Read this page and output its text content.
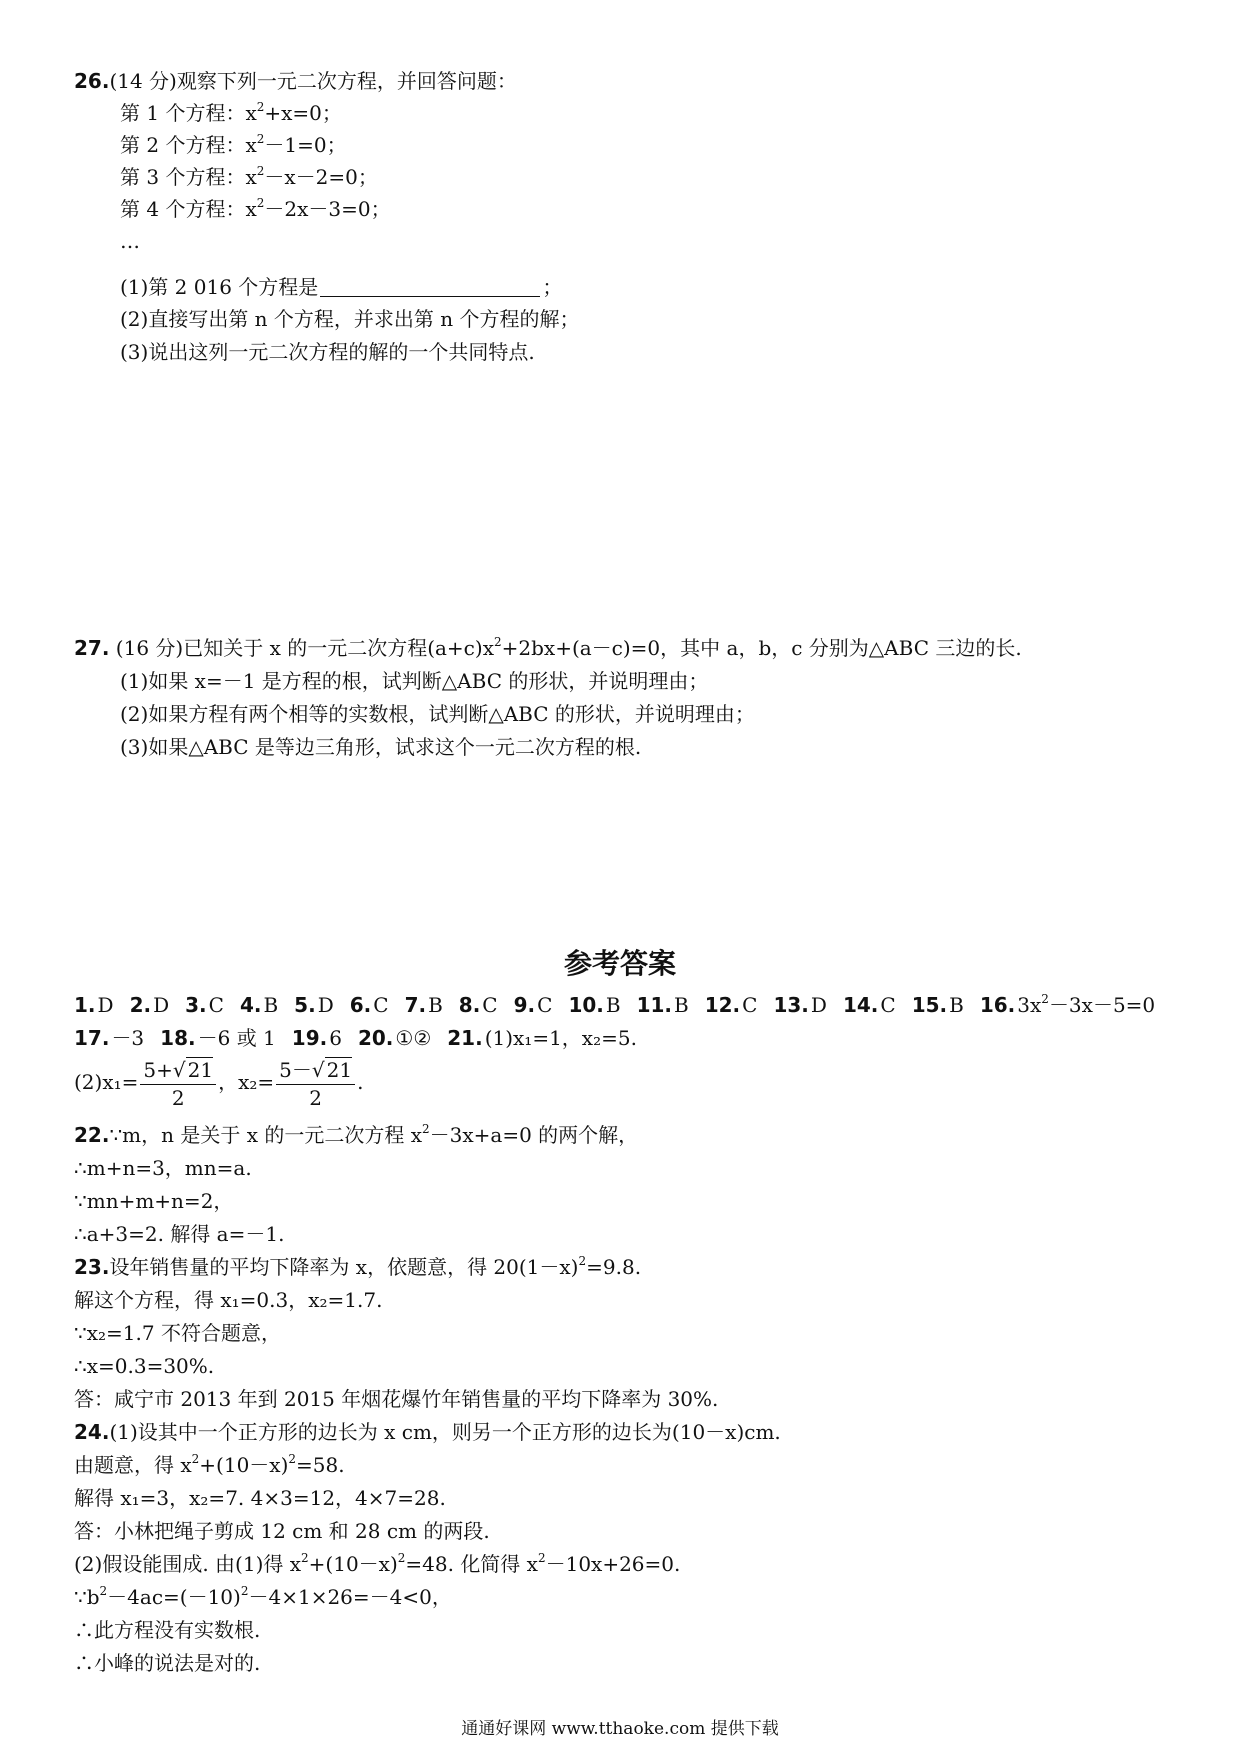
26.(14 分)观察下列一元二次方程，并回答问题：
第 1 个方程：$x^2+x=0$；
第 2 个方程：$x^2-1=0$；
第 3 个方程：$x^2-x-2=0$；
第 4 个方程：$x^2-2x-3=0$；
…
(1)第 2 016 个方程是	；
(2)直接写出第 n 个方程，并求出第 n 个方程的解；
(3)说出这列一元二次方程的解的一个共同特点.
27. (16 分)已知关于 x 的一元二次方程$(a+c)x^2+2bx+(a-c)=0$，其中 a，b，c 分别为△ABC 三边的长.
(1)如果 x=－1 是方程的根，试判断△ABC 的形状，并说明理由；
(2)如果方程有两个相等的实数根，试判断△ABC 的形状，并说明理由；
(3)如果△ABC 是等边三角形，试求这个一元二次方程的根.
参考答案
1. D 2. D 3. C 4. B 5. D 6. C 7. B 8. C 9. C 10. B 11. B 12. C 13. D 14. C 15. B 16. $3x^2-3x-5=0$
17. －3 18. －6 或 1 19. 6 20. ①② 21. (1)x₁=1，x₂=5.
$(2)x_1= \frac{5+√ 21}{2}$ ，$x_2= \frac{5-√ 21}{2}$ .
22.∵m，n 是关于 x 的一元二次方程 $x^2-3x+a=0$ 的两个解，
∴m+n=3，mn=a.
∵mn+m+n=2，
∴a+3=2. 解得 a=－1.
23.设年销售量的平均下降率为 x，依题意，得 $20(1-x)^2=9.8$.
解这个方程，得 x₁=0.3，x₂=1.7.
∵x₂=1.7 不符合题意，
∴x=0.3=30%.
答：咸宁市 2013 年到 2015 年烟花爆竹年销售量的平均下降率为 30%.
24.(1)设其中一个正方形的边长为 x cm，则另一个正方形的边长为(10－x)cm.
由题意，得 $x^2+(10-x)^2=58$.
解得 x₁=3，x₂=7. 4×3=12，4×7=28.
答：小林把绳子剪成 12 cm 和 28 cm 的两段.
(2)假设能围成. 由(1)得 $x^2+(10-x)^2=48$. 化简得 $x^2-10x+26=0$.
$\because b^2-4ac=(-10)^2-4\times 1\times 26=-4<0$，
∴此方程没有实数根.
∴小峰的说法是对的.
通通好课网 www.tthaoke.com 提供下载
